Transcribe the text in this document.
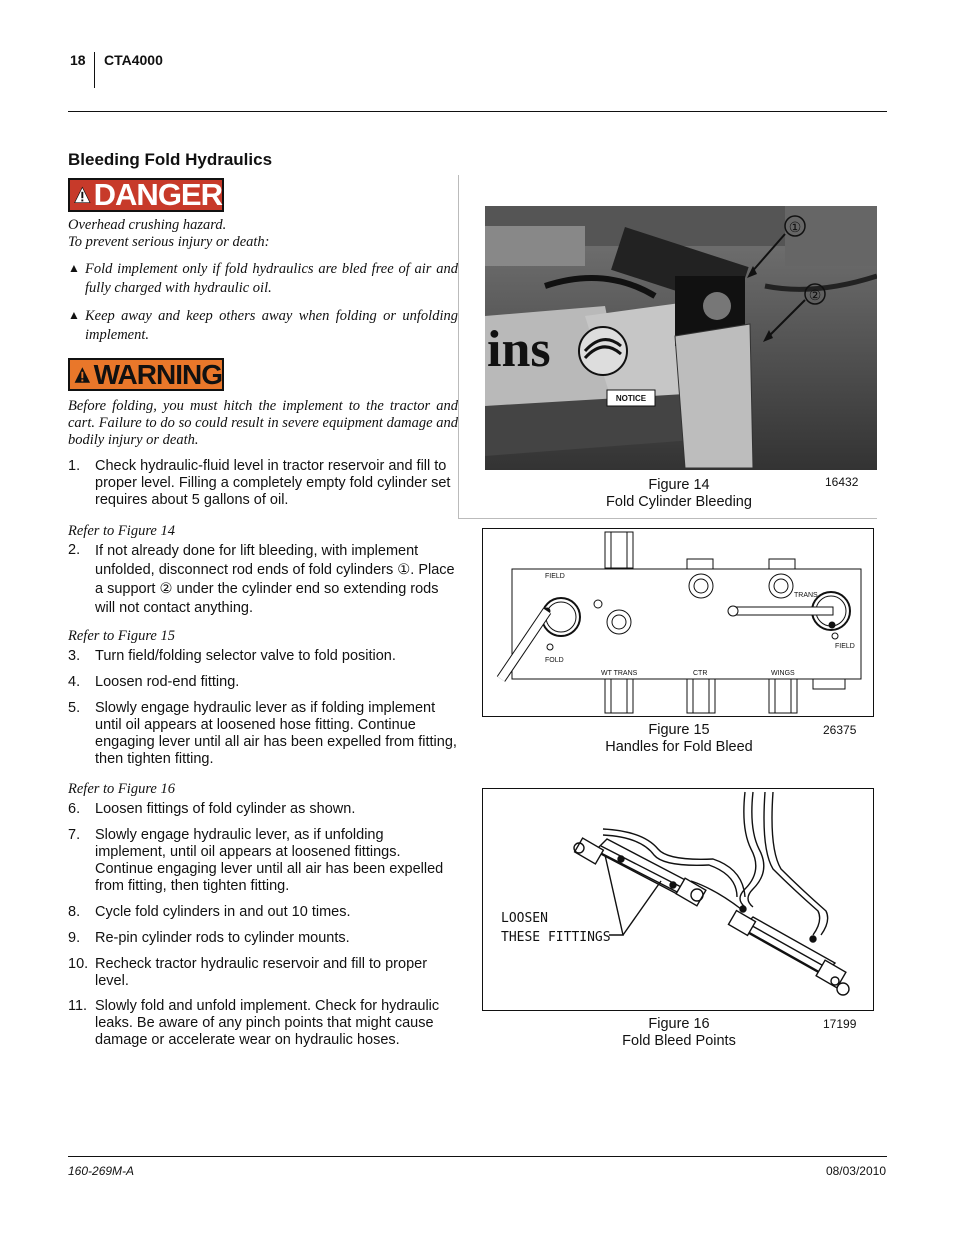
18 CTA4000
Bleeding Fold Hydraulics
DANGER
Overhead crushing hazard.
To prevent serious injury or death:
▲ Fold implement only if fold hydraulics are bled free of air and fully charged with hydraulic oil.
▲ Keep away and keep others away when folding or unfolding implement.
WARNING
Before folding, you must hitch the implement to the tractor and cart. Failure to do so could result in severe equipment damage and bodily injury or death.
1.	Check hydraulic-fluid level in tractor reservoir and fill to proper level. Filling a completely empty fold cylinder set requires about 5 gallons of oil.
Refer to Figure 14
2.	If not already done for lift bleeding, with implement unfolded, disconnect rod ends of fold cylinders ①. Place a support ② under the cylinder end so extending rods will not contact anything.
Refer to Figure 15
3.	Turn field/folding selector valve to fold position.
4.	Loosen rod-end fitting.
5.	Slowly engage hydraulic lever as if folding implement until oil appears at loosened hose fitting. Continue engaging lever until all air has been expelled from fitting, then tighten fitting.
Refer to Figure 16
6.	Loosen fittings of fold cylinder as shown.
7.	Slowly engage hydraulic lever, as if unfolding implement, until oil appears at loosened fittings. Continue engaging lever until all air has been expelled from fitting, then tighten fitting.
8.	Cycle fold cylinders in and out 10 times.
9.	Re-pin cylinder rods to cylinder mounts.
10. Recheck tractor hydraulic reservoir and fill to proper level.
11. Slowly fold and unfold implement. Check for hydraulic leaks. Be aware of any pinch points that might cause damage or accelerate wear on hydraulic hoses.
ins
NOTICE
①
②
Figure 14
Fold Cylinder Bleeding
16432
FIELD
FOLD
TRANS
FIELD
WT TRANS	CTR	WINGS
Figure 15
Handles for Fold Bleed
26375
LOOSEN
THESE FITTINGS
Figure 16
Fold Bleed Points
17199
160-269M-A	08/03/2010
